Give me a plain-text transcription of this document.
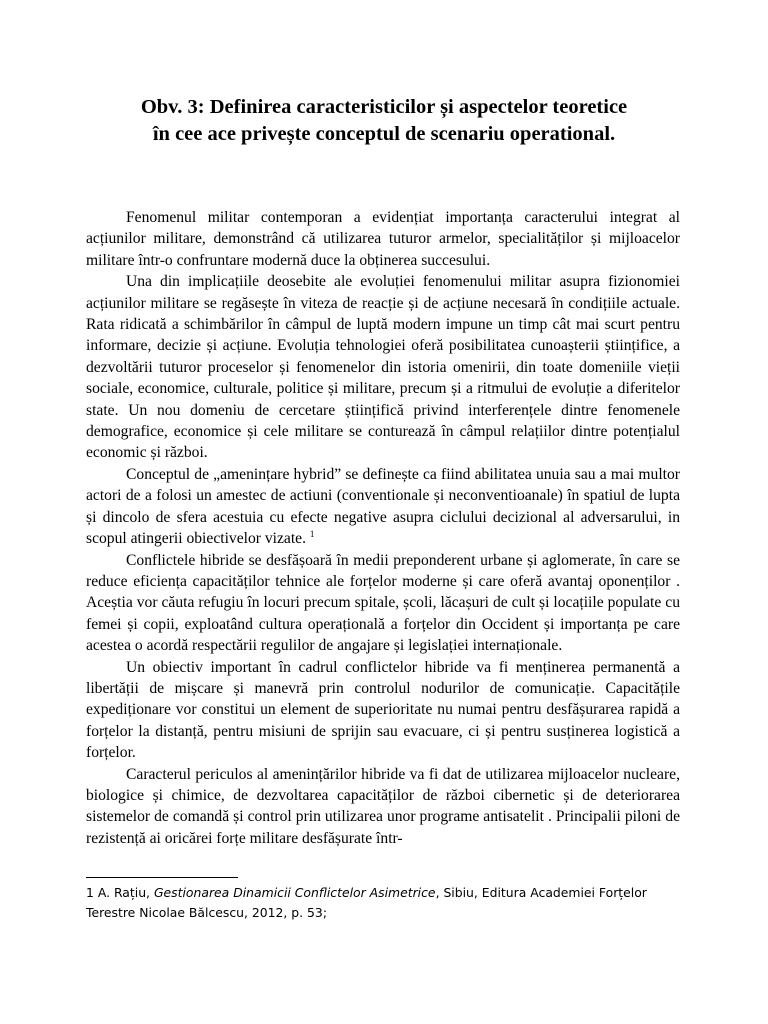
Obv. 3: Definirea caracteristicilor și aspectelor teoretice
în cee ace privește conceptul de scenariu operational.

Fenomenul militar contemporan a evidențiat importanța caracterului integrat al acțiunilor militare, demonstrând că utilizarea tuturor armelor, specialităților și mijloacelor militare într-o confruntare modernă duce la obținerea succesului.

Una din implicațiile deosebite ale evoluției fenomenului militar asupra fizionomiei acțiunilor militare se regăsește în viteza de reacție și de acțiune necesară în condițiile actuale. Rata ridicată a schimbărilor în câmpul de luptă modern impune un timp cât mai scurt pentru informare, decizie și acțiune. Evoluția tehnologiei oferă posibilitatea cunoașterii științifice, a dezvoltării tuturor proceselor și fenomenelor din istoria omenirii, din toate domeniile vieții sociale, economice, culturale, politice și militare, precum și a ritmului de evoluție a diferitelor state. Un nou domeniu de cercetare științifică privind interferențele dintre fenomenele demografice, economice și cele militare se conturează în câmpul relațiilor dintre potențialul economic și război.

Conceptul de „amenințare hybrid” se definește ca fiind abilitatea unuia sau a mai multor actori de a folosi un amestec de actiuni (conventionale și neconventioanale) în spatiul de lupta și dincolo de sfera acestuia cu efecte negative asupra ciclului decizional al adversarului, in scopul atingerii obiectivelor vizate. $^1$

Conflictele hibride se desfășoară în medii preponderent urbane și aglomerate, în care se reduce eficiența capacităților tehnice ale forțelor moderne și care oferă avantaj oponenților . Aceștia vor căuta refugiu în locuri precum spitale, școli, lăcașuri de cult și locațiile populate cu femei și copii, exploatând cultura operațională a forțelor din Occident și importanța pe care acestea o acordă respectării regulilor de angajare și legislației internaționale.

Un obiectiv important în cadrul conflictelor hibride va fi menținerea permanentă a libertății de mișcare și manevră prin controlul nodurilor de comunicație. Capacitățile expediționare vor constitui un element de superioritate nu numai pentru desfășurarea rapidă a forțelor la distanță, pentru misiuni de sprijin sau evacuare, ci și pentru susținerea logistică a forțelor.

Caracterul periculos al amenințărilor hibride va fi dat de utilizarea mijloacelor nucleare, biologice și chimice, de dezvoltarea capacităților de război cibernetic și de deteriorarea sistemelor de comandă și control prin utilizarea unor programe antisatelit . Principalii piloni de rezistență ai oricărei forțe militare desfășurate într-

1 A. Rațiu, Gestionarea Dinamicii Conflictelor Asimetrice, Sibiu, Editura Academiei Forțelor Terestre Nicolae Bălcescu, 2012, p. 53;
